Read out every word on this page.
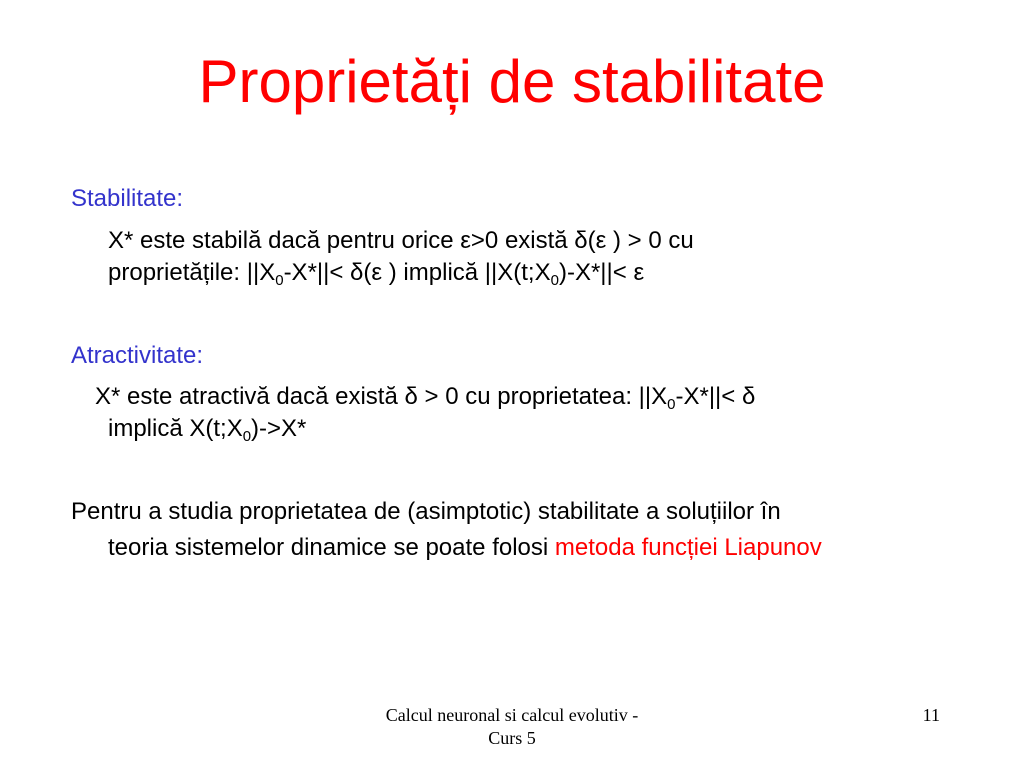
Proprietăți de stabilitate
Stabilitate:
X* este stabilă dacă pentru orice ε>0 există δ(ε ) > 0 cu
proprietățile: $||X_0-X*||< \delta(\varepsilon$ ) implică $||X(t;X_0)-X*||< \varepsilon$
Atractivitate:
X* este atractivă dacă există δ > 0 cu proprietatea: $||X_0-X*||< \delta$
implică $X(t;X_0)->X*$
Pentru a studia proprietatea de (asimptotic) stabilitate a soluțiilor în
teoria sistemelor dinamice se poate folosi metoda funcției Liapunov
Calcul neuronal si calcul evolutiv -
Curs 5
11
